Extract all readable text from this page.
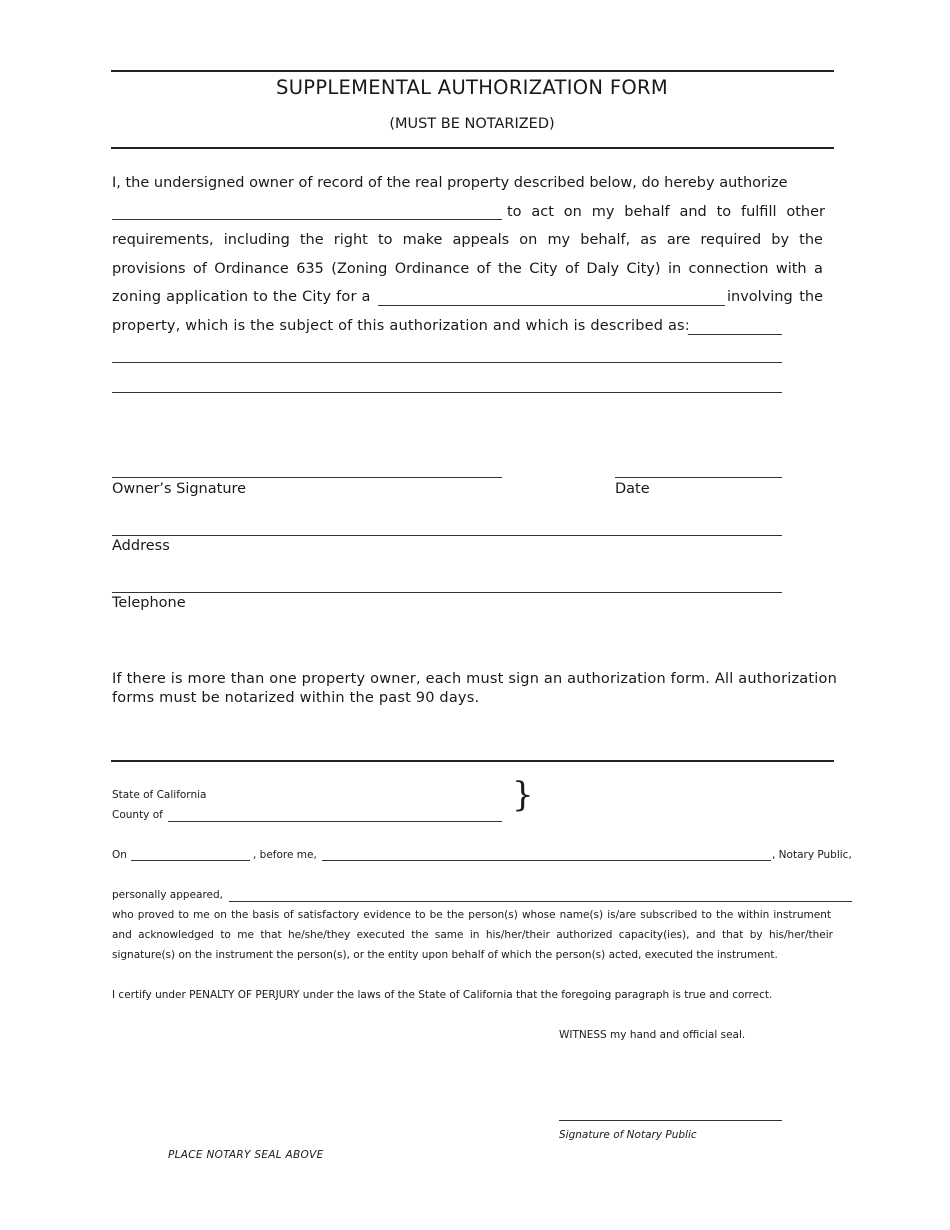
SUPPLEMENTAL AUTHORIZATION FORM
(MUST BE NOTARIZED)
I, the undersigned owner of record of the real property described below, do hereby authorize
to act on my behalf and to fulfill other
requirements, including the right to make appeals on my behalf, as are required by the
provisions of Ordinance 635 (Zoning Ordinance of the City of Daly City) in connection with a
zoning application to the City for a	involving the
property, which is the subject of this authorization and which is described as:
Owner’s Signature	Date
Address
Telephone
If there is more than one property owner, each must sign an authorization form. All authorization
forms must be notarized within the past 90 days.
State of California	}
County of
On	, before me,	, Notary Public,
personally appeared,
who proved to me on the basis of satisfactory evidence to be the person(s) whose name(s) is/are subscribed to the within instrument
and acknowledged to me that he/she/they executed the same in his/her/their authorized capacity(ies), and that by his/her/their
signature(s) on the instrument the person(s), or the entity upon behalf of which the person(s) acted, executed the instrument.
I certify under PENALTY OF PERJURY under the laws of the State of California that the foregoing paragraph is true and correct.
WITNESS my hand and official seal.
Signature of Notary Public
PLACE NOTARY SEAL ABOVE
